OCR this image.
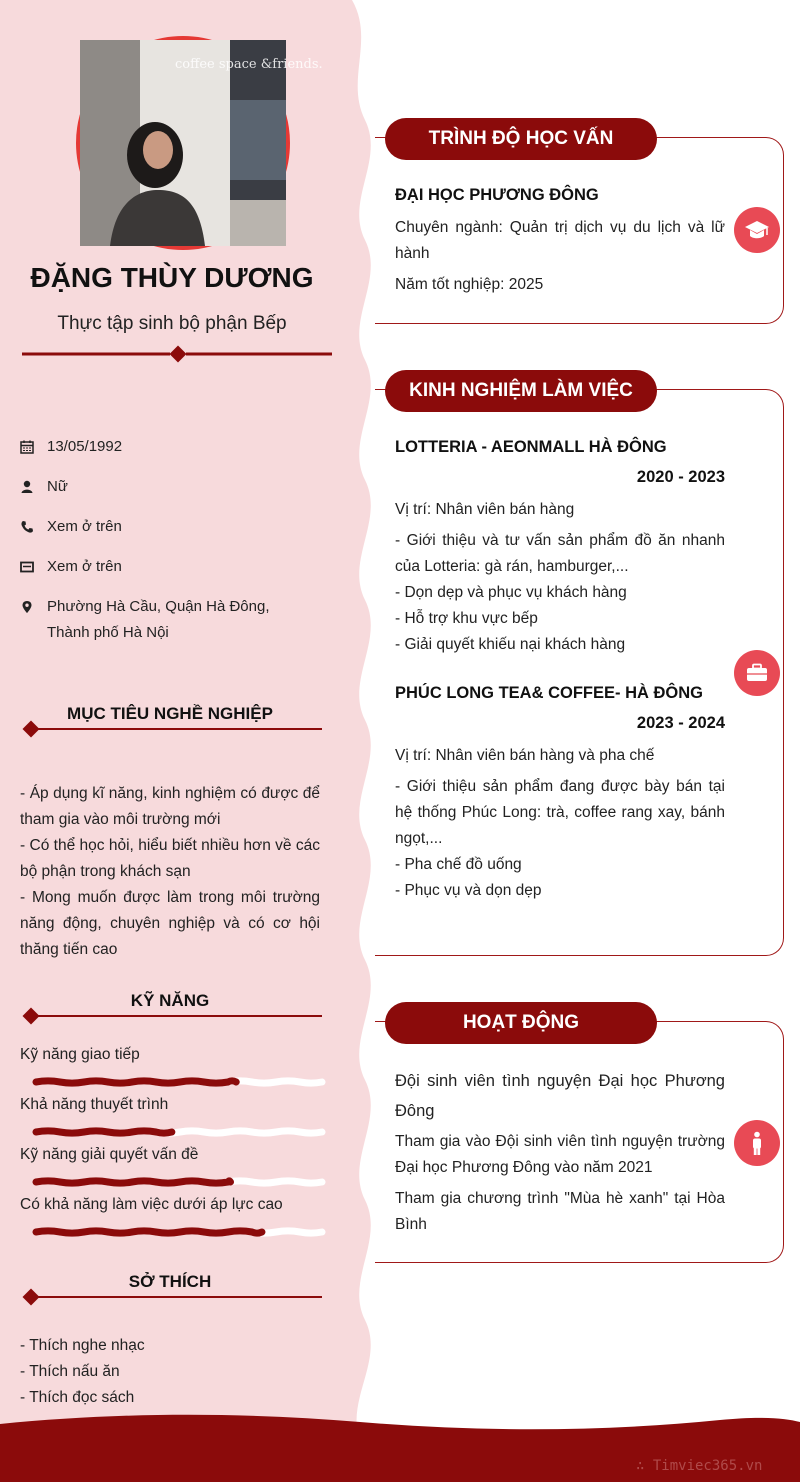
coffee space &friends.
ĐẶNG THÙY DƯƠNG
Thực tập sinh bộ phận Bếp
13/05/1992
Nữ
Xem ở trên
Xem ở trên
Phường Hà Cầu, Quận Hà Đông,
Thành phố Hà Nội
MỤC TIÊU NGHỀ NGHIỆP
- Áp dụng kĩ năng, kinh nghiệm có được để tham gia vào môi trường mới
- Có thể học hỏi, hiểu biết nhiều hơn về các bộ phận trong khách sạn
- Mong muốn được làm trong môi trường năng động, chuyên nghiệp và có cơ hội thăng tiến cao
KỸ NĂNG
Kỹ năng giao tiếp
Khả năng thuyết trình
Kỹ năng giải quyết vấn đề
Có khả năng làm việc dưới áp lực cao
SỞ THÍCH
- Thích nghe nhạc
- Thích nấu ăn
- Thích đọc sách
TRÌNH ĐỘ HỌC VẤN
ĐẠI HỌC PHƯƠNG ĐÔNG
Chuyên ngành: Quản trị dịch vụ du lịch và lữ hành
Năm tốt nghiệp: 2025
KINH NGHIỆM LÀM VIỆC
LOTTERIA - AEONMALL HÀ ĐÔNG
2020 - 2023
Vị trí: Nhân viên bán hàng
- Giới thiệu và tư vấn sản phẩm đồ ăn nhanh của Lotteria: gà rán, hamburger,...
- Dọn dẹp và phục vụ khách hàng
- Hỗ trợ khu vực bếp
- Giải quyết khiếu nại khách hàng
PHÚC LONG TEA& COFFEE- HÀ ĐÔNG
2023 - 2024
Vị trí: Nhân viên bán hàng và pha chế
- Giới thiệu sản phẩm đang được bày bán tại hệ thống Phúc Long: trà, coffee rang xay, bánh ngọt,...
- Pha chế đồ uống
- Phục vụ và dọn dẹp
HOẠT ĐỘNG
Đội sinh viên tình nguyện Đại học Phương Đông
Tham gia vào Đội sinh viên tình nguyện trường Đại học Phương Đông vào năm 2021
Tham gia chương trình "Mùa hè xanh" tại Hòa Bình
∴ Timviec365.vn
